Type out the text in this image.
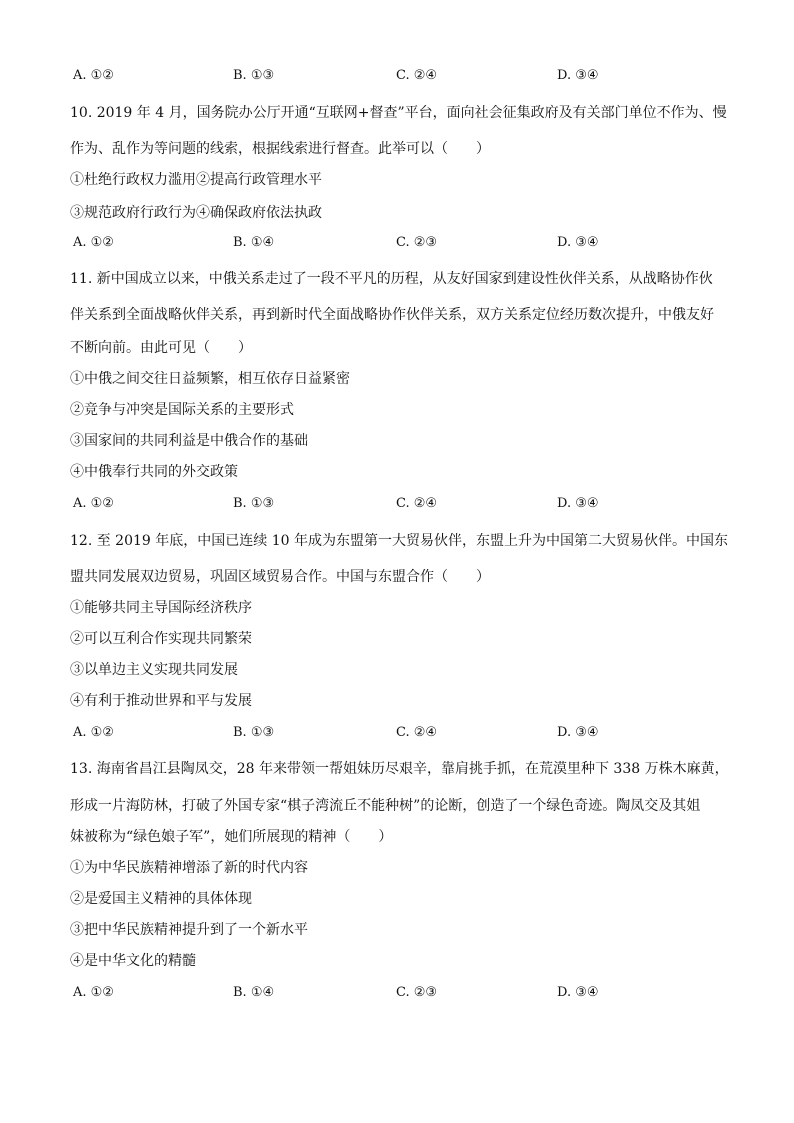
A. ①②	B. ①③	C. ②④	D. ③④
10. 2019 年 4 月，国务院办公厅开通“互联网+督查”平台，面向社会征集政府及有关部门单位不作为、慢
作为、乱作为等问题的线索，根据线索进行督查。此举可以（　　）
①杜绝行政权力滥用②提高行政管理水平
③规范政府行政行为④确保政府依法执政
A. ①②	B. ①④	C. ②③	D. ③④
11. 新中国成立以来，中俄关系走过了一段不平凡的历程，从友好国家到建设性伙伴关系，从战略协作伙
伴关系到全面战略伙伴关系，再到新时代全面战略协作伙伴关系，双方关系定位经历数次提升，中俄友好
不断向前。由此可见（　　）
①中俄之间交往日益频繁，相互依存日益紧密
②竞争与冲突是国际关系的主要形式
③国家间的共同利益是中俄合作的基础
④中俄奉行共同的外交政策
A. ①②	B. ①③	C. ②④	D. ③④
12. 至 2019 年底，中国已连续 10 年成为东盟第一大贸易伙伴，东盟上升为中国第二大贸易伙伴。中国东
盟共同发展双边贸易，巩固区域贸易合作。中国与东盟合作（　　）
①能够共同主导国际经济秩序
②可以互利合作实现共同繁荣
③以单边主义实现共同发展
④有利于推动世界和平与发展
A. ①②	B. ①③	C. ②④	D. ③④
13. 海南省昌江县陶凤交，28 年来带领一帮姐妹历尽艰辛，靠肩挑手抓，在荒漠里种下 338 万株木麻黄，
形成一片海防林，打破了外国专家“棋子湾流丘不能种树”的论断，创造了一个绿色奇迹。陶凤交及其姐
妹被称为“绿色娘子军”，她们所展现的精神（　　）
①为中华民族精神增添了新的时代内容
②是爱国主义精神的具体体现
③把中华民族精神提升到了一个新水平
④是中华文化的精髓
A. ①②	B. ①④	C. ②③	D. ③④
